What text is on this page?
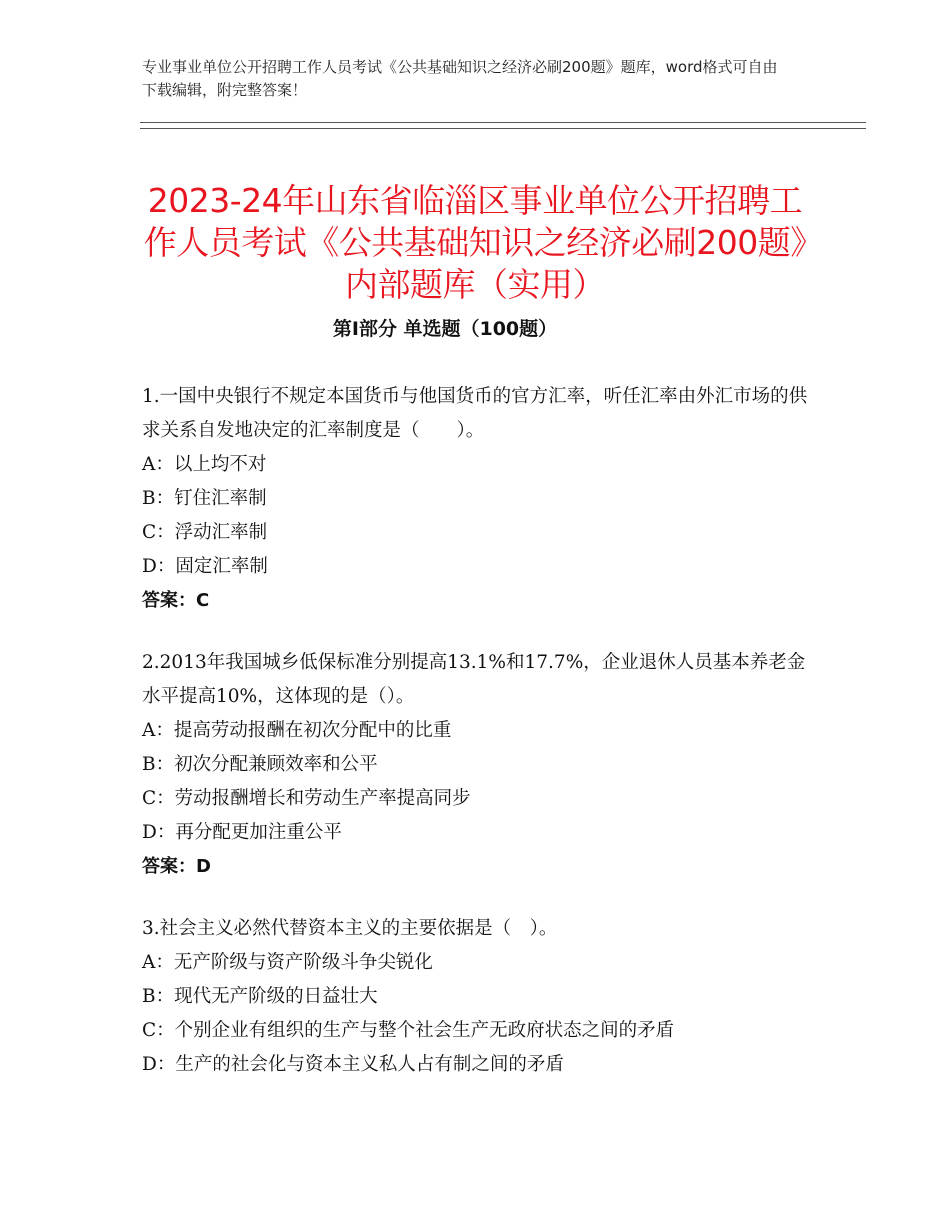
专业事业单位公开招聘工作人员考试《公共基础知识之经济必刷200题》题库，word格式可自由下载编辑，附完整答案！
2023-24年山东省临淄区事业单位公开招聘工作人员考试《公共基础知识之经济必刷200题》内部题库（实用）
第Ⅰ部分 单选题（100题）

1.一国中央银行不规定本国货币与他国货币的官方汇率，听任汇率由外汇市场的供求关系自发地决定的汇率制度是（　　）。

A：以上均不对

B：钉住汇率制

C：浮动汇率制

D：固定汇率制

答案：C

2.2013年我国城乡低保标准分别提高13.1%和17.7%，企业退休人员基本养老金水平提高10%，这体现的是（）。

A：提高劳动报酬在初次分配中的比重

B：初次分配兼顾效率和公平

C：劳动报酬增长和劳动生产率提高同步

D：再分配更加注重公平

答案：D

3.社会主义必然代替资本主义的主要依据是（　）。

A：无产阶级与资产阶级斗争尖锐化

B：现代无产阶级的日益壮大

C：个别企业有组织的生产与整个社会生产无政府状态之间的矛盾

D：生产的社会化与资本主义私人占有制之间的矛盾
